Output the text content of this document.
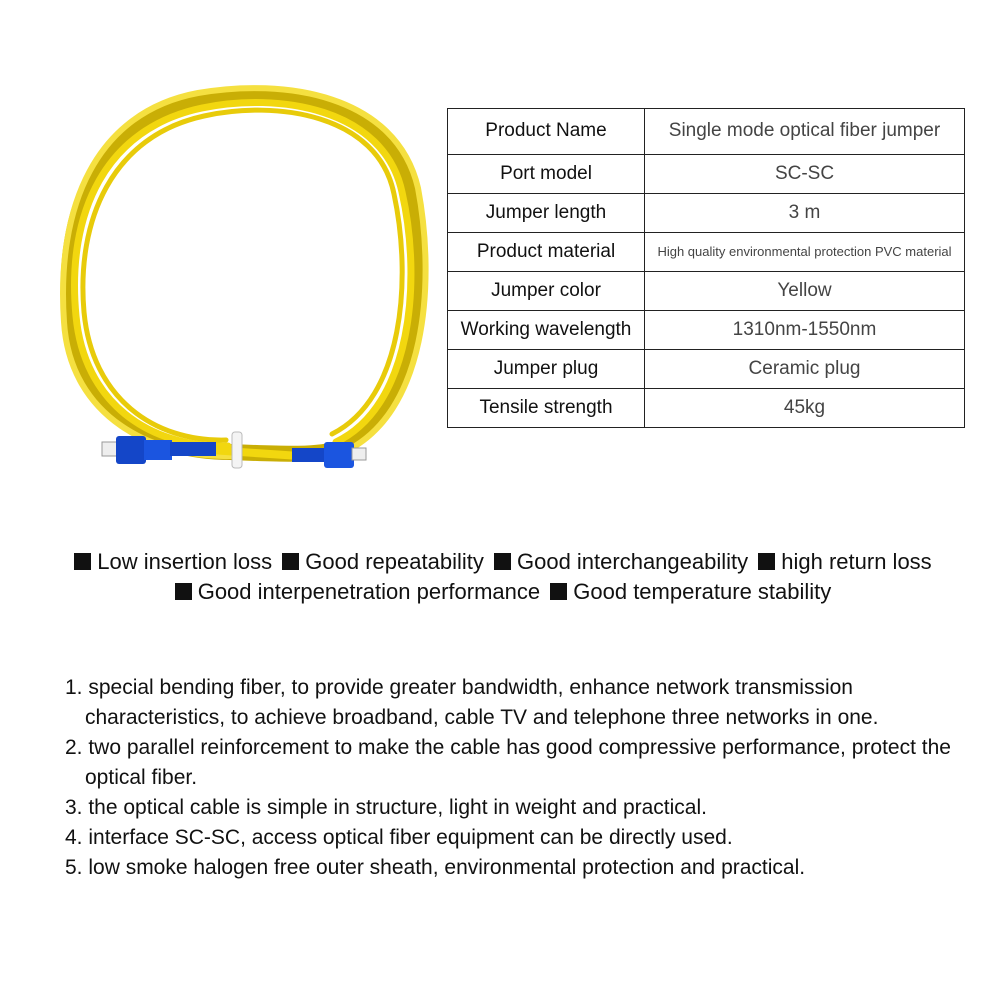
Product Name	Single mode optical fiber jumper
Port model	SC-SC
Jumper length	3 m
Product material	High quality environmental protection PVC material
Jumper color	Yellow
Working wavelength	1310nm-1550nm
Jumper plug	Ceramic plug
Tensile strength	45kg
Low insertion loss Good repeatability Good interchangeability high return loss
Good interpenetration performance Good temperature stability
1. special bending fiber, to provide greater bandwidth, enhance network transmission characteristics, to achieve broadband, cable TV and telephone three networks in one.
2. two parallel reinforcement to make the cable has good compressive performance, protect the optical fiber.
3. the optical cable is simple in structure, light in weight and practical.
4. interface SC-SC, access optical fiber equipment can be directly used.
5. low smoke halogen free outer sheath, environmental protection and practical.
